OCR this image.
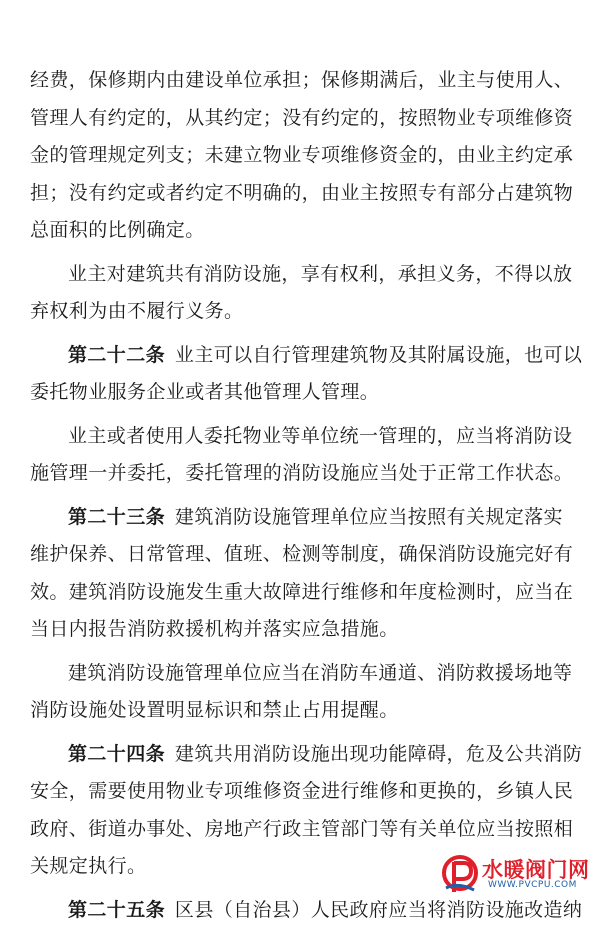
经费，保修期内由建设单位承担；保修期满后，业主与使用人、
管理人有约定的，从其约定；没有约定的，按照物业专项维修资
金的管理规定列支；未建立物业专项维修资金的，由业主约定承
担；没有约定或者约定不明确的，由业主按照专有部分占建筑物
总面积的比例确定。
业主对建筑共有消防设施，享有权利，承担义务，不得以放
弃权利为由不履行义务。
第二十二条  业主可以自行管理建筑物及其附属设施，也可以
委托物业服务企业或者其他管理人管理。
业主或者使用人委托物业等单位统一管理的，应当将消防设
施管理一并委托，委托管理的消防设施应当处于正常工作状态。
第二十三条  建筑消防设施管理单位应当按照有关规定落实
维护保养、日常管理、值班、检测等制度，确保消防设施完好有
效。建筑消防设施发生重大故障进行维修和年度检测时，应当在
当日内报告消防救援机构并落实应急措施。
建筑消防设施管理单位应当在消防车通道、消防救援场地等
消防设施处设置明显标识和禁止占用提醒。
第二十四条  建筑共用消防设施出现功能障碍，危及公共消防
安全，需要使用物业专项维修资金进行维修和更换的，乡镇人民
政府、街道办事处、房地产行政主管部门等有关单位应当按照相
关规定执行。
第二十五条  区县（自治县）人民政府应当将消防设施改造纳
水暖阀门网
WWW.PVCPU.COM
